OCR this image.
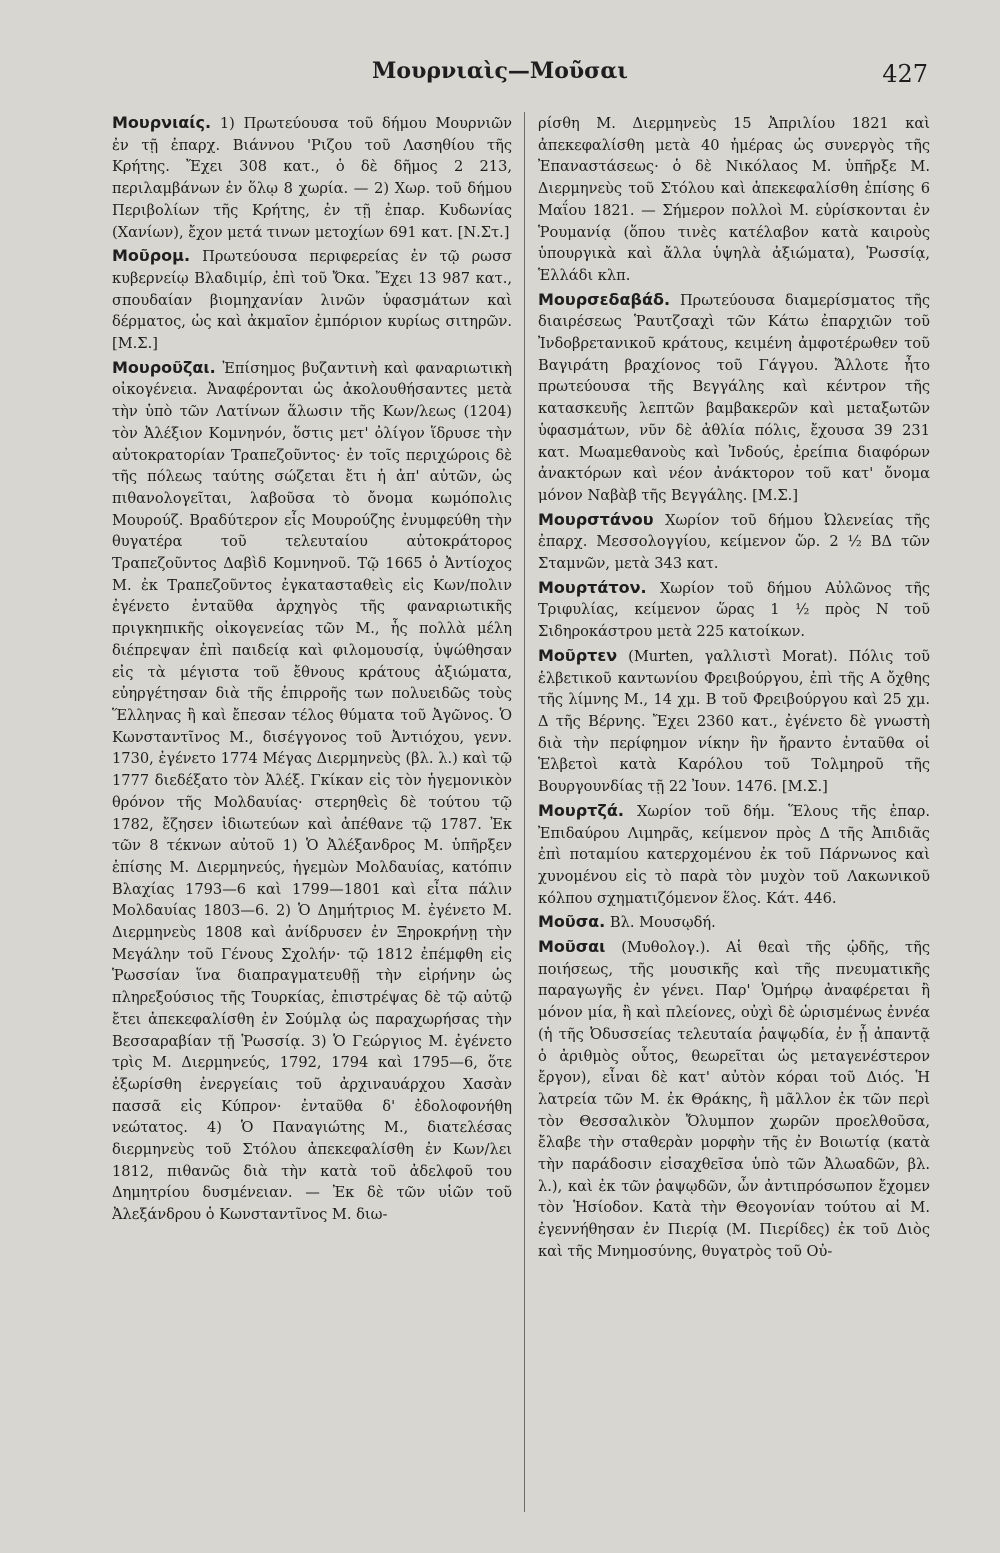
Μουρνιαὶς—Μοῦσαι	427

Μουρνιαίς. 1) Πρωτεύουσα τοῦ δήμου Μουρνιῶν ἐν τῇ ἐπαρχ. Βιάννου 'Ριζου τοῦ Λασηθίου τῆς Κρήτης. Ἔχει 308 κατ., ὁ δὲ δῆμος 2 213, περιλαμβάνων ἐν ὅλῳ 8 χωρία. — 2) Χωρ. τοῦ δήμου Περιβολίων τῆς Κρήτης, ἐν τῇ ἐπαρ. Κυδωνίας (Χανίων), ἔχον μετά τινων μετοχίων 691 κατ. [Ν.Στ.]

Μοῦρομ. Πρωτεύουσα περιφερείας ἐν τῷ ρωσσ κυβερνείῳ Βλαδιμίρ, ἐπὶ τοῦ Ὄκα. Ἔχει 13 987 κατ., σπουδαίαν βιομηχανίαν λινῶν ὑφασμάτων καὶ δέρματος, ὡς καὶ ἀκμαῖον ἐμπόριον κυρίως σιτηρῶν. [Μ.Σ.]

Μουροῦζαι. Ἐπίσημος βυζαντινὴ καὶ φαναριωτικὴ οἰκογένεια. Ἀναφέρονται ὡς ἀκολουθήσαντες μετὰ τὴν ὑπὸ τῶν Λατίνων ἅλωσιν τῆς Κων/λεως (1204) τὸν Ἀλέξιον Κομνηνόν, ὅστις μετ' ὀλίγον ἵδρυσε τὴν αὐτοκρατορίαν Τραπεζοῦντος· ἐν τοῖς περιχώροις δὲ τῆς πόλεως ταύτης σώζεται ἔτι ἡ ἀπ' αὐτῶν, ὡς πιθανολογεῖται, λαβοῦσα τὸ ὄνομα κωμόπολις Μουρούζ. Βραδύτερον εἷς Μουρούζης ἐνυμφεύθη τὴν θυγατέρα τοῦ τελευταίου αὐτοκράτορος Τραπεζοῦντος Δαβὶδ Κομνηνοῦ. Τῷ 1665 ὁ Ἀντίοχος Μ. ἐκ Τραπεζοῦντος ἐγκατασταθεὶς εἰς Κων/πολιν ἐγένετο ἐνταῦθα ἀρχηγὸς τῆς φαναριωτικῆς πριγκηπικῆς οἰκογενείας τῶν Μ., ἧς πολλὰ μέλη διέπρεψαν ἐπὶ παιδείᾳ καὶ φιλομουσίᾳ, ὑψώθησαν εἰς τὰ μέγιστα τοῦ ἔθνους κράτους ἀξιώματα, εὐηργέτησαν διὰ τῆς ἐπιρροῆς των πολυειδῶς τοὺς Ἕλληνας ἢ καὶ ἔπεσαν τέλος θύματα τοῦ Ἀγῶνος. Ὁ Κωνσταντῖνος Μ., δισέγγονος τοῦ Ἀντιόχου, γενν. 1730, ἐγένετο 1774 Μέγας Διερμηνεὺς (βλ. λ.) καὶ τῷ 1777 διεδέξατο τὸν Ἀλέξ. Γκίκαν εἰς τὸν ἡγεμονικὸν θρόνον τῆς Μολδαυίας· στερηθεὶς δὲ τούτου τῷ 1782, ἔζησεν ἰδιωτεύων καὶ ἀπέθανε τῷ 1787. Ἐκ τῶν 8 τέκνων αὐτοῦ 1) Ὁ Ἀλέξανδρος Μ. ὑπῆρξεν ἐπίσης Μ. Διερμηνεύς, ἡγεμὼν Μολδαυίας, κατόπιν Βλαχίας 1793—6 καὶ 1799—1801 καὶ εἶτα πάλιν Μολδαυίας 1803—6. 2) Ὁ Δημήτριος Μ. ἐγένετο Μ. Διερμηνεὺς 1808 καὶ ἀνίδρυσεν ἐν Ξηροκρήνῃ τὴν Μεγάλην τοῦ Γένους Σχολήν· τῷ 1812 ἐπέμφθη εἰς Ῥωσσίαν ἵνα διαπραγματευθῇ τὴν εἰρήνην ὡς πληρεξούσιος τῆς Τουρκίας, ἐπιστρέψας δὲ τῷ αὐτῷ ἔτει ἀπεκεφαλίσθη ἐν Σούμλᾳ ὡς παραχωρήσας τὴν Βεσσαραβίαν τῇ Ῥωσσίᾳ. 3) Ὁ Γεώργιος Μ. ἐγένετο τρὶς Μ. Διερμηνεύς, 1792, 1794 καὶ 1795—6, ὅτε ἐξωρίσθη ἐνεργείαις τοῦ ἀρχιναυάρχου Χασὰν πασσᾶ εἰς Κύπρον· ἐνταῦθα δ' ἐδολοφονήθη νεώτατος. 4) Ὁ Παναγιώτης Μ., διατελέσας διερμηνεὺς τοῦ Στόλου ἀπεκεφαλίσθη ἐν Κων/λει 1812, πιθανῶς διὰ τὴν κατὰ τοῦ ἀδελφοῦ του Δημητρίου δυσμένειαν. — Ἐκ δὲ τῶν υἱῶν τοῦ Ἀλεξάνδρου ὁ Κωνσταντῖνος Μ. διω-

ρίσθη Μ. Διερμηνεὺς 15 Ἀπριλίου 1821 καὶ ἀπεκεφαλίσθη μετὰ 40 ἡμέρας ὡς συνεργὸς τῆς Ἐπαναστάσεως· ὁ δὲ Νικόλαος Μ. ὑπῆρξε Μ. Διερμηνεὺς τοῦ Στόλου καὶ ἀπεκεφαλίσθη ἐπίσης 6 Μαΐου 1821. — Σήμερον πολλοὶ Μ. εὑρίσκονται ἐν Ῥουμανίᾳ (ὅπου τινὲς κατέλαβον κατὰ καιροὺς ὑπουργικὰ καὶ ἄλλα ὑψηλὰ ἀξιώματα), Ῥωσσίᾳ, Ἑλλάδι κλπ.

Μουρσεδαβάδ. Πρωτεύουσα διαμερίσματος τῆς διαιρέσεως Ῥαυτζσαχὶ τῶν Κάτω ἐπαρχιῶν τοῦ Ἰνδοβρετανικοῦ κράτους, κειμένη ἀμφοτέρωθεν τοῦ Βαγιράτη βραχίονος τοῦ Γάγγου. Ἄλλοτε ἦτο πρωτεύουσα τῆς Βεγγάλης καὶ κέντρον τῆς κατασκευῆς λεπτῶν βαμβακερῶν καὶ μεταξωτῶν ὑφασμάτων, νῦν δὲ ἀθλία πόλις, ἔχουσα 39 231 κατ. Μωαμεθανοὺς καὶ Ἰνδούς, ἐρείπια διαφόρων ἀνακτόρων καὶ νέον ἀνάκτορον τοῦ κατ' ὄνομα μόνον Ναβὰβ τῆς Βεγγάλης. [Μ.Σ.]

Μουρστάνου Χωρίον τοῦ δήμου Ὠλενείας τῆς ἐπαρχ. Μεσσολογγίου, κείμενον ὥρ. 2 ½ ΒΔ τῶν Σταμνῶν, μετὰ 343 κατ.

Μουρτάτον. Χωρίον τοῦ δήμου Αὐλῶνος τῆς Τριφυλίας, κείμενον ὥρας 1 ½ πρὸς Ν τοῦ Σιδηροκάστρου μετὰ 225 κατοίκων.

Μοῦρτεν (Murten, γαλλιστὶ Morat). Πόλις τοῦ ἑλβετικοῦ καντωνίου Φρειβούργου, ἐπὶ τῆς Α ὄχθης τῆς λίμνης Μ., 14 χμ. Β τοῦ Φρειβούργου καὶ 25 χμ. Δ τῆς Βέρνης. Ἔχει 2360 κατ., ἐγένετο δὲ γνωστὴ διὰ τὴν περίφημον νίκην ἣν ἤραντο ἐνταῦθα οἱ Ἑλβετοὶ κατὰ Καρόλου τοῦ Τολμηροῦ τῆς Βουργουνδίας τῇ 22 Ἰουν. 1476. [Μ.Σ.]

Μουρτζά. Χωρίον τοῦ δήμ. Ἕλους τῆς ἐπαρ. Ἐπιδαύρου Λιμηρᾶς, κείμενον πρὸς Δ τῆς Ἀπιδιᾶς ἐπὶ ποταμίου κατερχομένου ἐκ τοῦ Πάρνωνος καὶ χυνομένου εἰς τὸ παρὰ τὸν μυχὸν τοῦ Λακωνικοῦ κόλπου σχηματιζόμενον ἕλος. Κάτ. 446.

Μοῦσα. Βλ. Μουσῳδή.

Μοῦσαι (Μυθολογ.). Αἱ θεαὶ τῆς ᾠδῆς, τῆς ποιήσεως, τῆς μουσικῆς καὶ τῆς πνευματικῆς παραγωγῆς ἐν γένει. Παρ' Ὁμήρῳ ἀναφέρεται ἢ μόνον μία, ἢ καὶ πλείονες, οὐχὶ δὲ ὡρισμένως ἐννέα (ἡ τῆς Ὀδυσσείας τελευταία ῥαψῳδία, ἐν ᾗ ἀπαντᾷ ὁ ἀριθμὸς οὗτος, θεωρεῖται ὡς μεταγενέστερον ἔργον), εἶναι δὲ κατ' αὐτὸν κόραι τοῦ Διός. Ἡ λατρεία τῶν Μ. ἐκ Θράκης, ἢ μᾶλλον ἐκ τῶν περὶ τὸν Θεσσαλικὸν Ὄλυμπον χωρῶν προελθοῦσα, ἔλαβε τὴν σταθερὰν μορφὴν τῆς ἐν Βοιωτίᾳ (κατὰ τὴν παράδοσιν εἰσαχθεῖσα ὑπὸ τῶν Ἀλωαδῶν, βλ. λ.), καὶ ἐκ τῶν ῥαψῳδῶν, ὧν ἀντιπρόσωπον ἔχομεν τὸν Ἡσίοδον. Κατὰ τὴν Θεογονίαν τούτου αἱ Μ. ἐγεννήθησαν ἐν Πιερίᾳ (Μ. Πιερίδες) ἐκ τοῦ Διὸς καὶ τῆς Μνημοσύνης, θυγατρὸς τοῦ Οὐ-
